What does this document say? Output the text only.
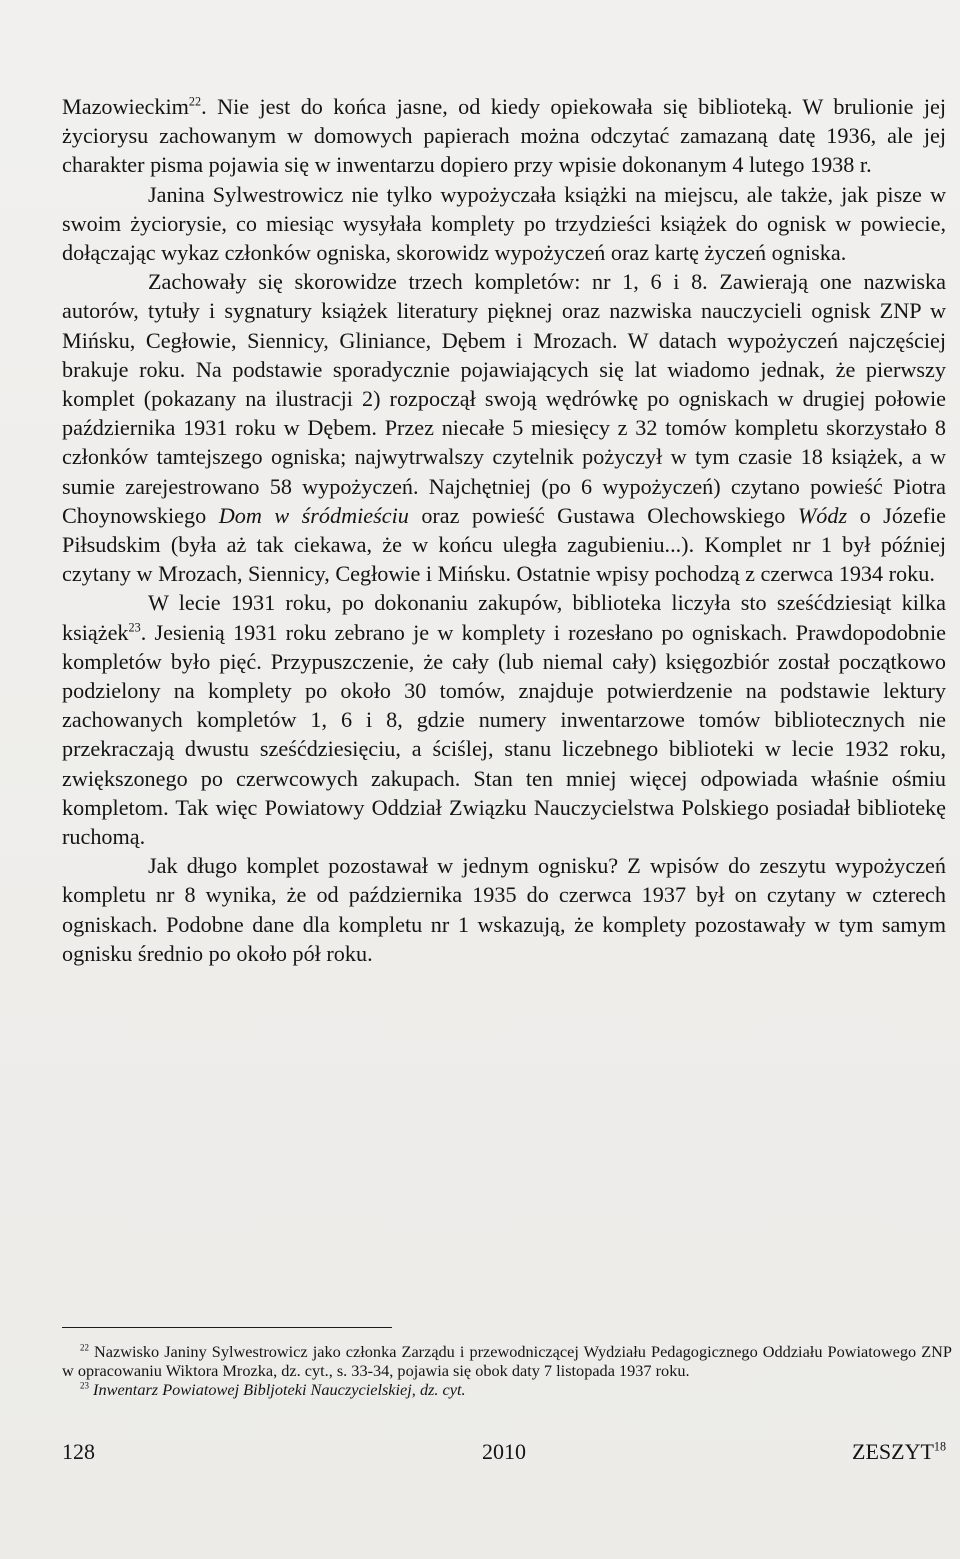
Mazowieckim$^{22}$. Nie jest do końca jasne, od kiedy opiekowała się biblioteką. W brulionie jej życiorysu zachowanym w domowych papierach można odczytać zamazaną datę 1936, ale jej charakter pisma pojawia się w inwentarzu dopiero przy wpisie dokonanym 4 lutego 1938 r.

Janina Sylwestrowicz nie tylko wypożyczała książki na miejscu, ale także, jak pisze w swoim życiorysie, co miesiąc wysyłała komplety po trzydzieści książek do ognisk w powiecie, dołączając wykaz członków ogniska, skorowidz wypożyczeń oraz kartę życzeń ogniska.

Zachowały się skorowidze trzech kompletów: nr 1, 6 i 8. Zawierają one nazwiska autorów, tytuły i sygnatury książek literatury pięknej oraz nazwiska nauczycieli ognisk ZNP w Mińsku, Cegłowie, Siennicy, Gliniance, Dębem i Mrozach. W datach wypożyczeń najczęściej brakuje roku. Na podstawie sporadycznie pojawiających się lat wiadomo jednak, że pierwszy komplet (pokazany na ilustracji 2) rozpoczął swoją wędrówkę po ogniskach w drugiej połowie października 1931 roku w Dębem. Przez niecałe 5 miesięcy z 32 tomów kompletu skorzystało 8 członków tamtejszego ogniska; najwytrwalszy czytelnik pożyczył w tym czasie 18 książek, a w sumie zarejestrowano 58 wypożyczeń. Najchętniej (po 6 wypożyczeń) czytano powieść Piotra Choynowskiego Dom w śródmieściu oraz powieść Gustawa Olechowskiego Wódz o Józefie Piłsudskim (była aż tak ciekawa, że w końcu uległa zagubieniu...). Komplet nr 1 był później czytany w Mrozach, Siennicy, Cegłowie i Mińsku. Ostatnie wpisy pochodzą z czerwca 1934 roku.

W lecie 1931 roku, po dokonaniu zakupów, biblioteka liczyła sto sześćdziesiąt kilka książek$^{23}$. Jesienią 1931 roku zebrano je w komplety i rozesłano po ogniskach. Prawdopodobnie kompletów było pięć. Przypuszczenie, że cały (lub niemal cały) księgozbiór został początkowo podzielony na komplety po około 30 tomów, znajduje potwierdzenie na podstawie lektury zachowanych kompletów 1, 6 i 8, gdzie numery inwentarzowe tomów bibliotecznych nie przekraczają dwustu sześćdziesięciu, a ściślej, stanu liczebnego biblioteki w lecie 1932 roku, zwiększonego po czerwcowych zakupach. Stan ten mniej więcej odpowiada właśnie ośmiu kompletom. Tak więc Powiatowy Oddział Związku Nauczycielstwa Polskiego posiadał bibliotekę ruchomą.

Jak długo komplet pozostawał w jednym ognisku? Z wpisów do zeszytu wypożyczeń kompletu nr 8 wynika, że od października 1935 do czerwca 1937 był on czytany w czterech ogniskach. Podobne dane dla kompletu nr 1 wskazują, że komplety pozostawały w tym samym ognisku średnio po około pół roku.

$^{22}$ Nazwisko Janiny Sylwestrowicz jako członka Zarządu i przewodniczącej Wydziału Pedagogicznego Oddziału Powiatowego ZNP w opracowaniu Wiktora Mrozka, dz. cyt., s. 33-34, pojawia się obok daty 7 listopada 1937 roku.

$^{23}$ Inwentarz Powiatowej Bibljoteki Nauczycielskiej, dz. cyt.

128	2010	ZESZYT$^{18}$
